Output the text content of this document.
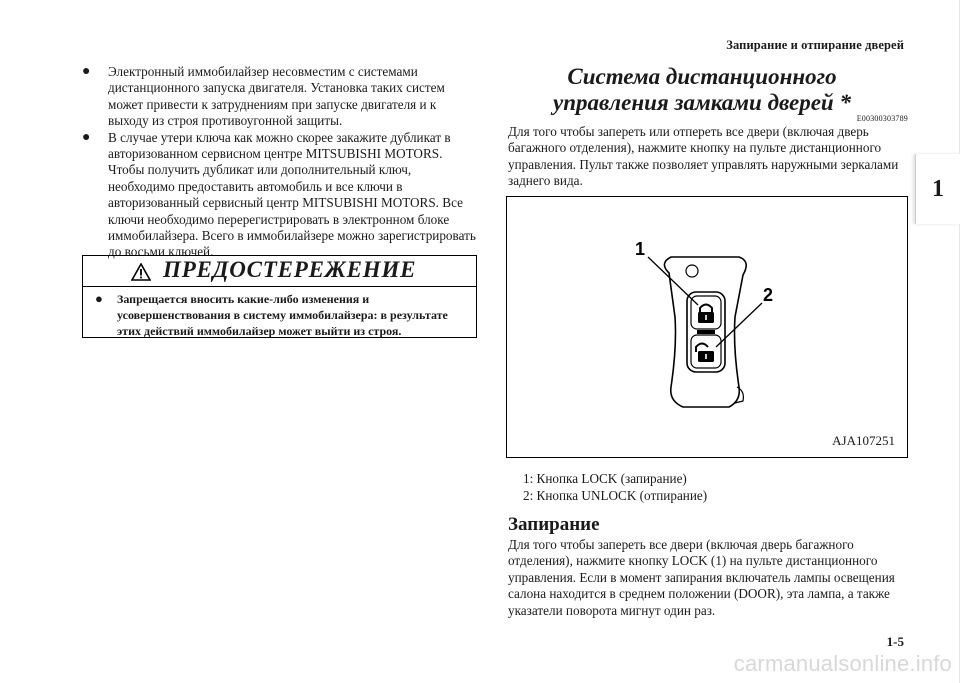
Запирание и отпирание дверей
1
● Электронный иммобилайзер несовместим с системами дистанционного запуска двигателя. Установка таких систем может привести к затруднениям при запуске двигателя и к выходу из строя противоугонной защиты.
● В случае утери ключа как можно скорее закажите дубликат в авторизованном сервисном центре MITSUBISHI MOTORS. Чтобы получить дубликат или дополнительный ключ, необходимо предоставить автомобиль и все ключи в авторизованный сервисный центр MITSUBISHI MOTORS. Все ключи необходимо перерегистрировать в электронном блоке иммобилайзера. Всего в иммобилайзере можно зарегистрировать до восьми ключей.
ПРЕДОСТЕРЕЖЕНИЕ
● Запрещается вносить какие-либо изменения и усовершенствования в систему иммобилайзера: в результате этих действий иммобилайзер может выйти из строя.
Система дистанционного
управления замками дверей *
E00300303789

Для того чтобы запереть или отпереть все двери (включая дверь багажного отделения), нажмите кнопку на пульте дистанционного управления. Пульт также позволяет управлять наружными зеркалами заднего вида.

1
2
AJA107251
1: Кнопка LOCK (запирание)
2: Кнопка UNLOCK (отпирание)
Запирание

Для того чтобы запереть все двери (включая дверь багажного отделения), нажмите кнопку LOCK (1) на пульте дистанционного управления. Если в момент запирания включатель лампы освещения салона находится в среднем положении (DOOR), эта лампа, а также указатели поворота мигнут один раз.

1-5
carmanualsonline.info
